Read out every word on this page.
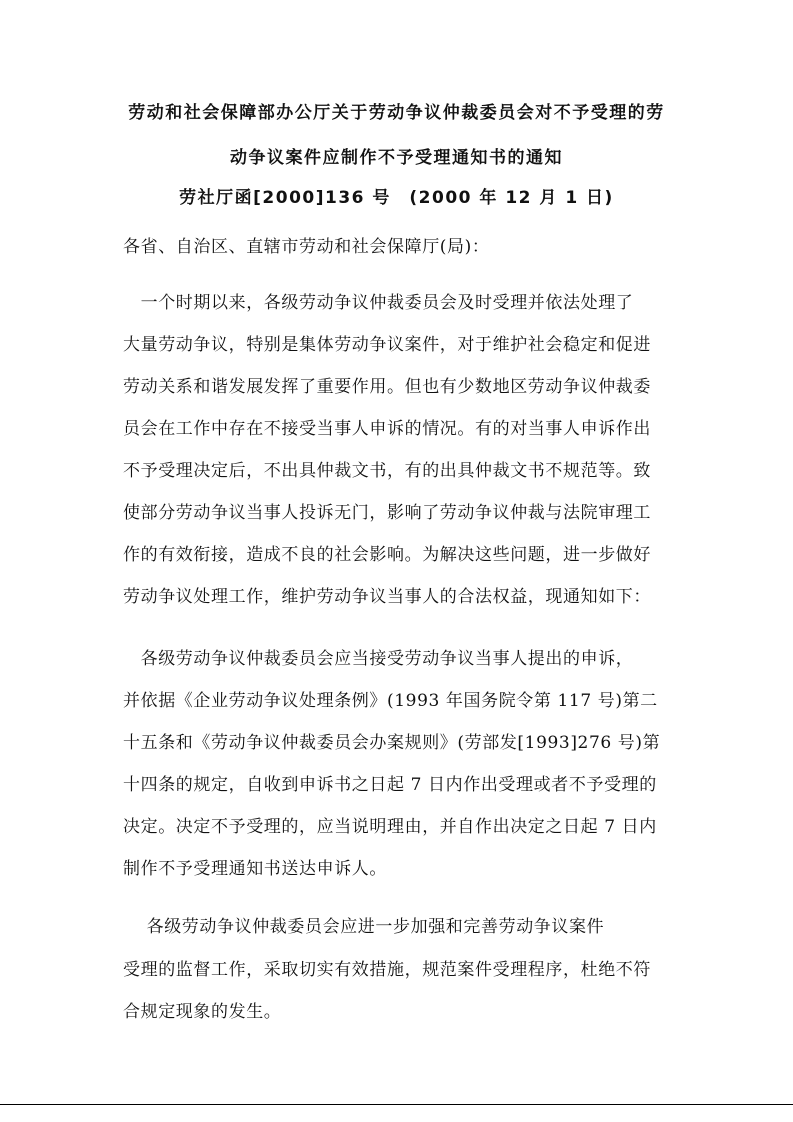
劳动和社会保障部办公厅关于劳动争议仲裁委员会对不予受理的劳
动争议案件应制作不予受理通知书的通知
劳社厅函[2000]136 号　(2000 年 12 月 1 日)
各省、自治区、直辖市劳动和社会保障厅(局)：
　一个时期以来，各级劳动争议仲裁委员会及时受理并依法处理了
大量劳动争议，特别是集体劳动争议案件，对于维护社会稳定和促进
劳动关系和谐发展发挥了重要作用。但也有少数地区劳动争议仲裁委
员会在工作中存在不接受当事人申诉的情况。有的对当事人申诉作出
不予受理决定后，不出具仲裁文书，有的出具仲裁文书不规范等。致
使部分劳动争议当事人投诉无门，影响了劳动争议仲裁与法院审理工
作的有效衔接，造成不良的社会影响。为解决这些问题，进一步做好
劳动争议处理工作，维护劳动争议当事人的合法权益，现通知如下：
　各级劳动争议仲裁委员会应当接受劳动争议当事人提出的申诉，
并依据《企业劳动争议处理条例》(1993 年国务院令第 117 号)第二
十五条和《劳动争议仲裁委员会办案规则》(劳部发[1993]276 号)第
十四条的规定，自收到申诉书之日起 7 日内作出受理或者不予受理的
决定。决定不予受理的，应当说明理由，并自作出决定之日起 7 日内
制作不予受理通知书送达申诉人。
　 各级劳动争议仲裁委员会应进一步加强和完善劳动争议案件
受理的监督工作，采取切实有效措施，规范案件受理程序，杜绝不符
合规定现象的发生。
